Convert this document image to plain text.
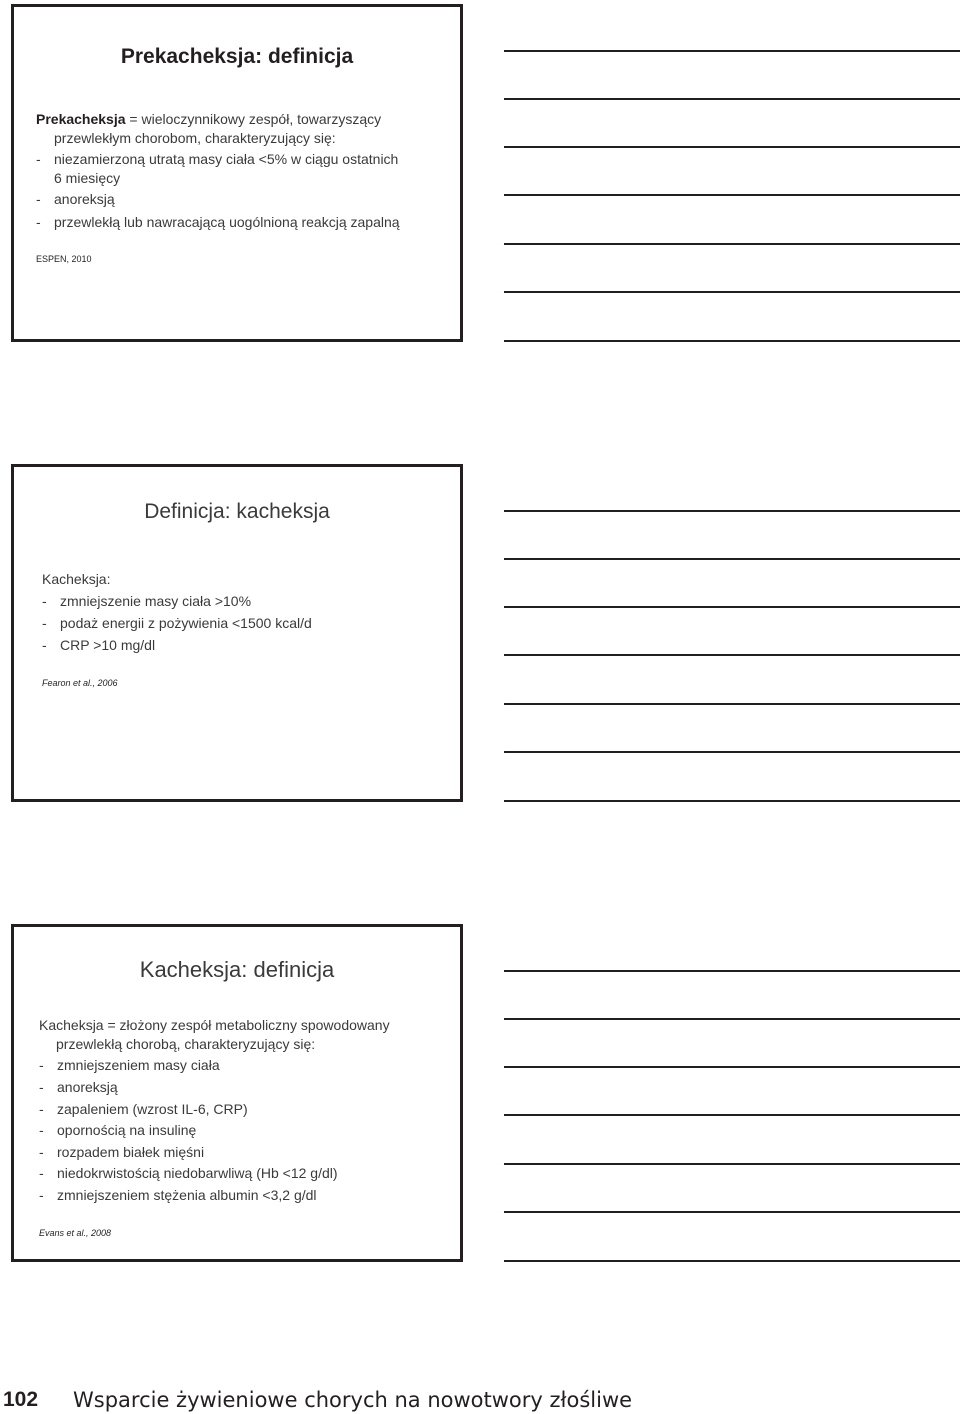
Prekacheksja: definicja

Prekacheksja = wieloczynnikowy zespół, towarzyszący

przewlekłym chorobom, charakteryzujący się:

- niezamierzoną utratą masy ciała <5% w ciągu ostatnich

6 miesięcy

- anoreksją

- przewlekłą lub nawracającą uogólnioną reakcją zapalną

ESPEN, 2010

Definicja: kacheksja

Kacheksja:

- zmniejszenie masy ciała >10%

- podaż energii z pożywienia <1500 kcal/d

- CRP >10 mg/dl

Fearon et al., 2006

Kacheksja: definicja

Kacheksja = złożony zespół metaboliczny spowodowany

przewlekłą chorobą, charakteryzujący się:

- zmniejszeniem masy ciała

- anoreksją

- zapaleniem (wzrost IL-6, CRP)

- opornością na insulinę

- rozpadem białek mięśni

- niedokrwistością niedobarwliwą (Hb <12 g/dl)

- zmniejszeniem stężenia albumin <3,2 g/dl

Evans et al., 2008

102 Wsparcie żywieniowe chorych na nowotwory złośliwe
